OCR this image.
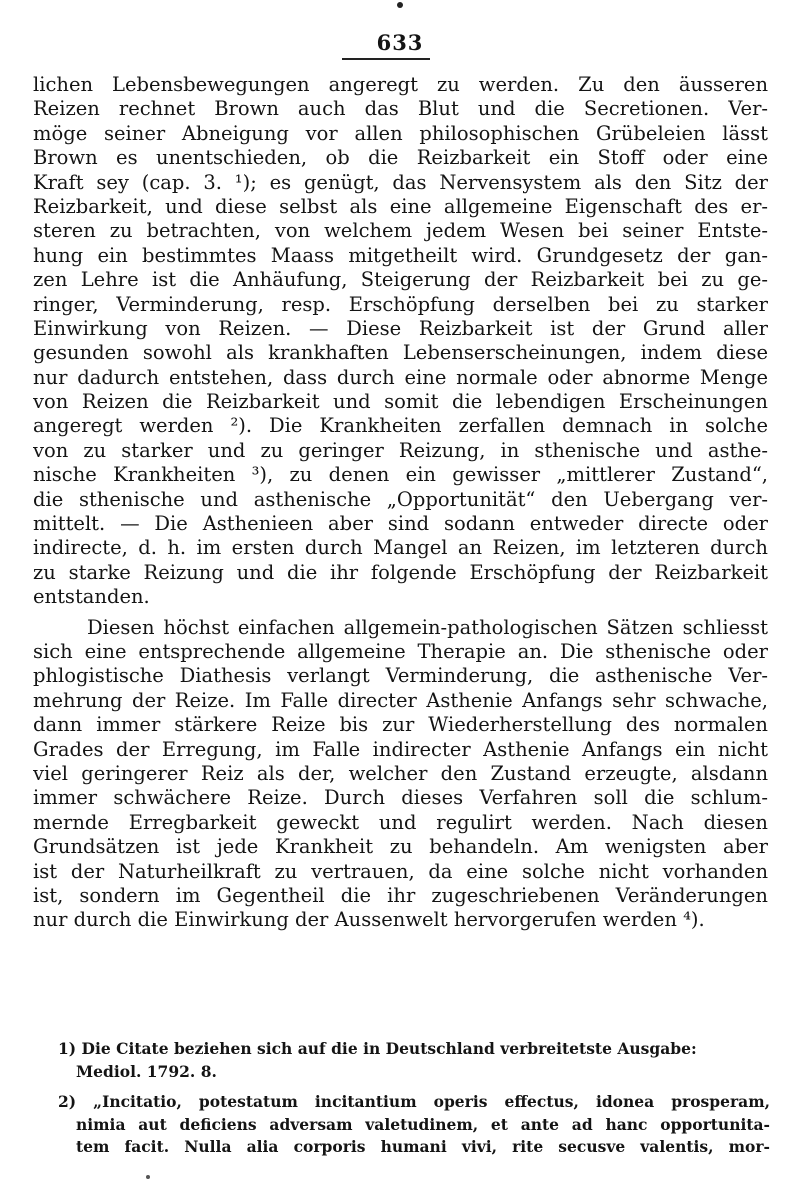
633
lichen Lebensbewegungen angeregt zu werden. Zu den äusseren
Reizen rechnet Brown auch das Blut und die Secretionen. Ver-
möge seiner Abneigung vor allen philosophischen Grübeleien lässt
Brown es unentschieden, ob die Reizbarkeit ein Stoff oder eine
Kraft sey (cap. 3. ¹); es genügt, das Nervensystem als den Sitz der
Reizbarkeit, und diese selbst als eine allgemeine Eigenschaft des er-
steren zu betrachten, von welchem jedem Wesen bei seiner Entste-
hung ein bestimmtes Maass mitgetheilt wird. Grundgesetz der gan-
zen Lehre ist die Anhäufung, Steigerung der Reizbarkeit bei zu ge-
ringer, Verminderung, resp. Erschöpfung derselben bei zu starker
Einwirkung von Reizen. — Diese Reizbarkeit ist der Grund aller
gesunden sowohl als krankhaften Lebenserscheinungen, indem diese
nur dadurch entstehen, dass durch eine normale oder abnorme Menge
von Reizen die Reizbarkeit und somit die lebendigen Erscheinungen
angeregt werden ²). Die Krankheiten zerfallen demnach in solche
von zu starker und zu geringer Reizung, in sthenische und asthe-
nische Krankheiten ³), zu denen ein gewisser „mittlerer Zustand“,
die sthenische und asthenische „Opportunität“ den Uebergang ver-
mittelt. — Die Asthenieen aber sind sodann entweder directe oder
indirecte, d. h. im ersten durch Mangel an Reizen, im letzteren durch
zu starke Reizung und die ihr folgende Erschöpfung der Reizbarkeit
entstanden.
Diesen höchst einfachen allgemein-pathologischen Sätzen schliesst
sich eine entsprechende allgemeine Therapie an. Die sthenische oder
phlogistische Diathesis verlangt Verminderung, die asthenische Ver-
mehrung der Reize. Im Falle directer Asthenie Anfangs sehr schwache,
dann immer stärkere Reize bis zur Wiederherstellung des normalen
Grades der Erregung, im Falle indirecter Asthenie Anfangs ein nicht
viel geringerer Reiz als der, welcher den Zustand erzeugte, alsdann
immer schwächere Reize. Durch dieses Verfahren soll die schlum-
mernde Erregbarkeit geweckt und regulirt werden. Nach diesen
Grundsätzen ist jede Krankheit zu behandeln. Am wenigsten aber
ist der Naturheilkraft zu vertrauen, da eine solche nicht vorhanden
ist, sondern im Gegentheil die ihr zugeschriebenen Veränderungen
nur durch die Einwirkung der Aussenwelt hervorgerufen werden ⁴).
1) Die Citate beziehen sich auf die in Deutschland verbreitetste Ausgabe:
Mediol. 1792. 8.
2) „Incitatio, potestatum incitantium operis effectus, idonea prosperam,
nimia aut deficiens adversam valetudinem, et ante ad hanc opportunita-
tem facit. Nulla alia corporis humani vivi, rite secusve valentis, mor-
